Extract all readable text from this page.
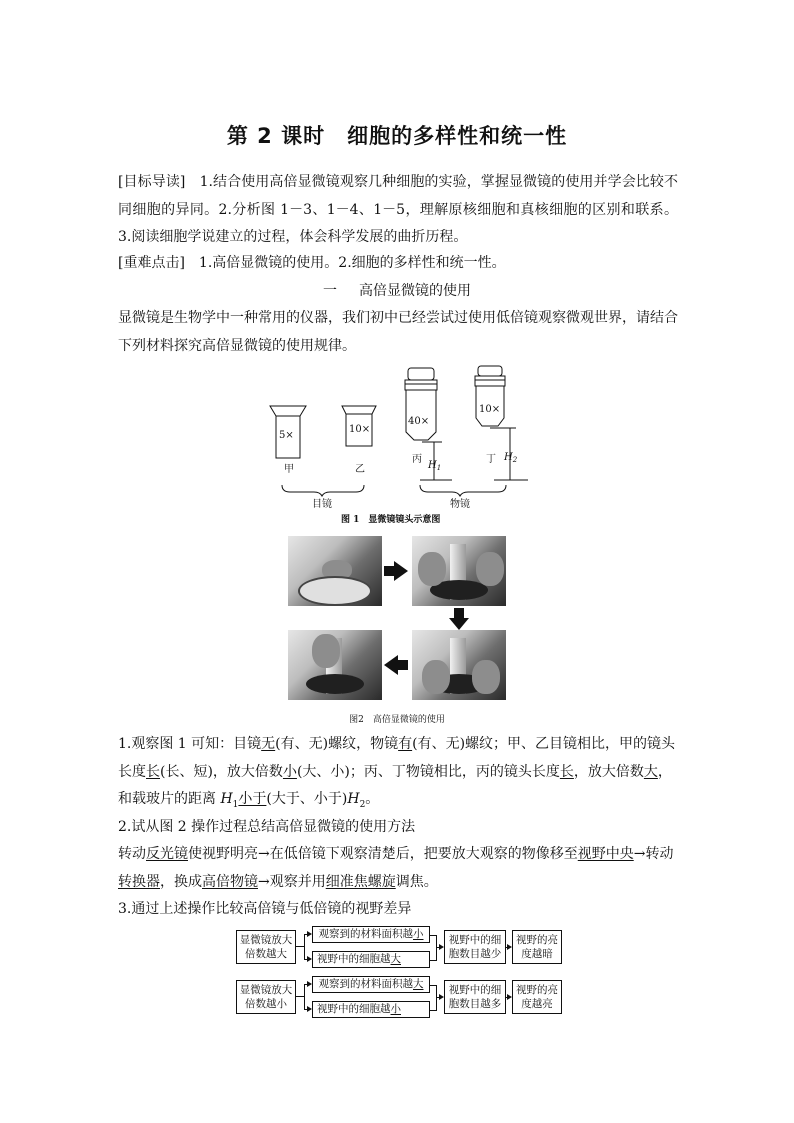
第 2 课时　细胞的多样性和统一性
[目标导读]　1.结合使用高倍显微镜观察几种细胞的实验，掌握显微镜的使用并学会比较不同细胞的异同。2.分析图 1－3、1－4、1－5，理解原核细胞和真核细胞的区别和联系。3.阅读细胞学说建立的过程，体会科学发展的曲折历程。
[重难点击]　1.高倍显微镜的使用。2.细胞的多样性和统一性。
一 高倍显微镜的使用
显微镜是生物学中一种常用的仪器，我们初中已经尝试过使用低倍镜观察微观世界，请结合下列材料探究高倍显微镜的使用规律。
5×
10×
40×
10×
甲	乙
丙	丁
$H_1$
$H_2$
目镜	物镜
图 1　显微镜镜头示意图
图2　高倍显微镜的使用
1.观察图 1 可知：目镜无(有、无)螺纹，物镜有(有、无)螺纹；甲、乙目镜相比，甲的镜头长度长(长、短)，放大倍数小(大、小)；丙、丁物镜相比，丙的镜头长度长，放大倍数大，和载玻片的距离 $H_1$小于(大于、小于)$H_2$。
2.试从图 2 操作过程总结高倍显微镜的使用方法
转动反光镜使视野明亮→在低倍镜下观察清楚后，把要放大观察的物像移至视野中央→转动转换器，换成高倍物镜→观察并用细准焦螺旋调焦。
3.通过上述操作比较高倍镜与低倍镜的视野差异
显微镜放大倍数越大
观察到的材料面积越小
视野中的细胞越大
视野中的细胞数目越少
视野的亮度越暗
显微镜放大倍数越小
观察到的材料面积越大
视野中的细胞越小
视野中的细胞数目越多
视野的亮度越亮
